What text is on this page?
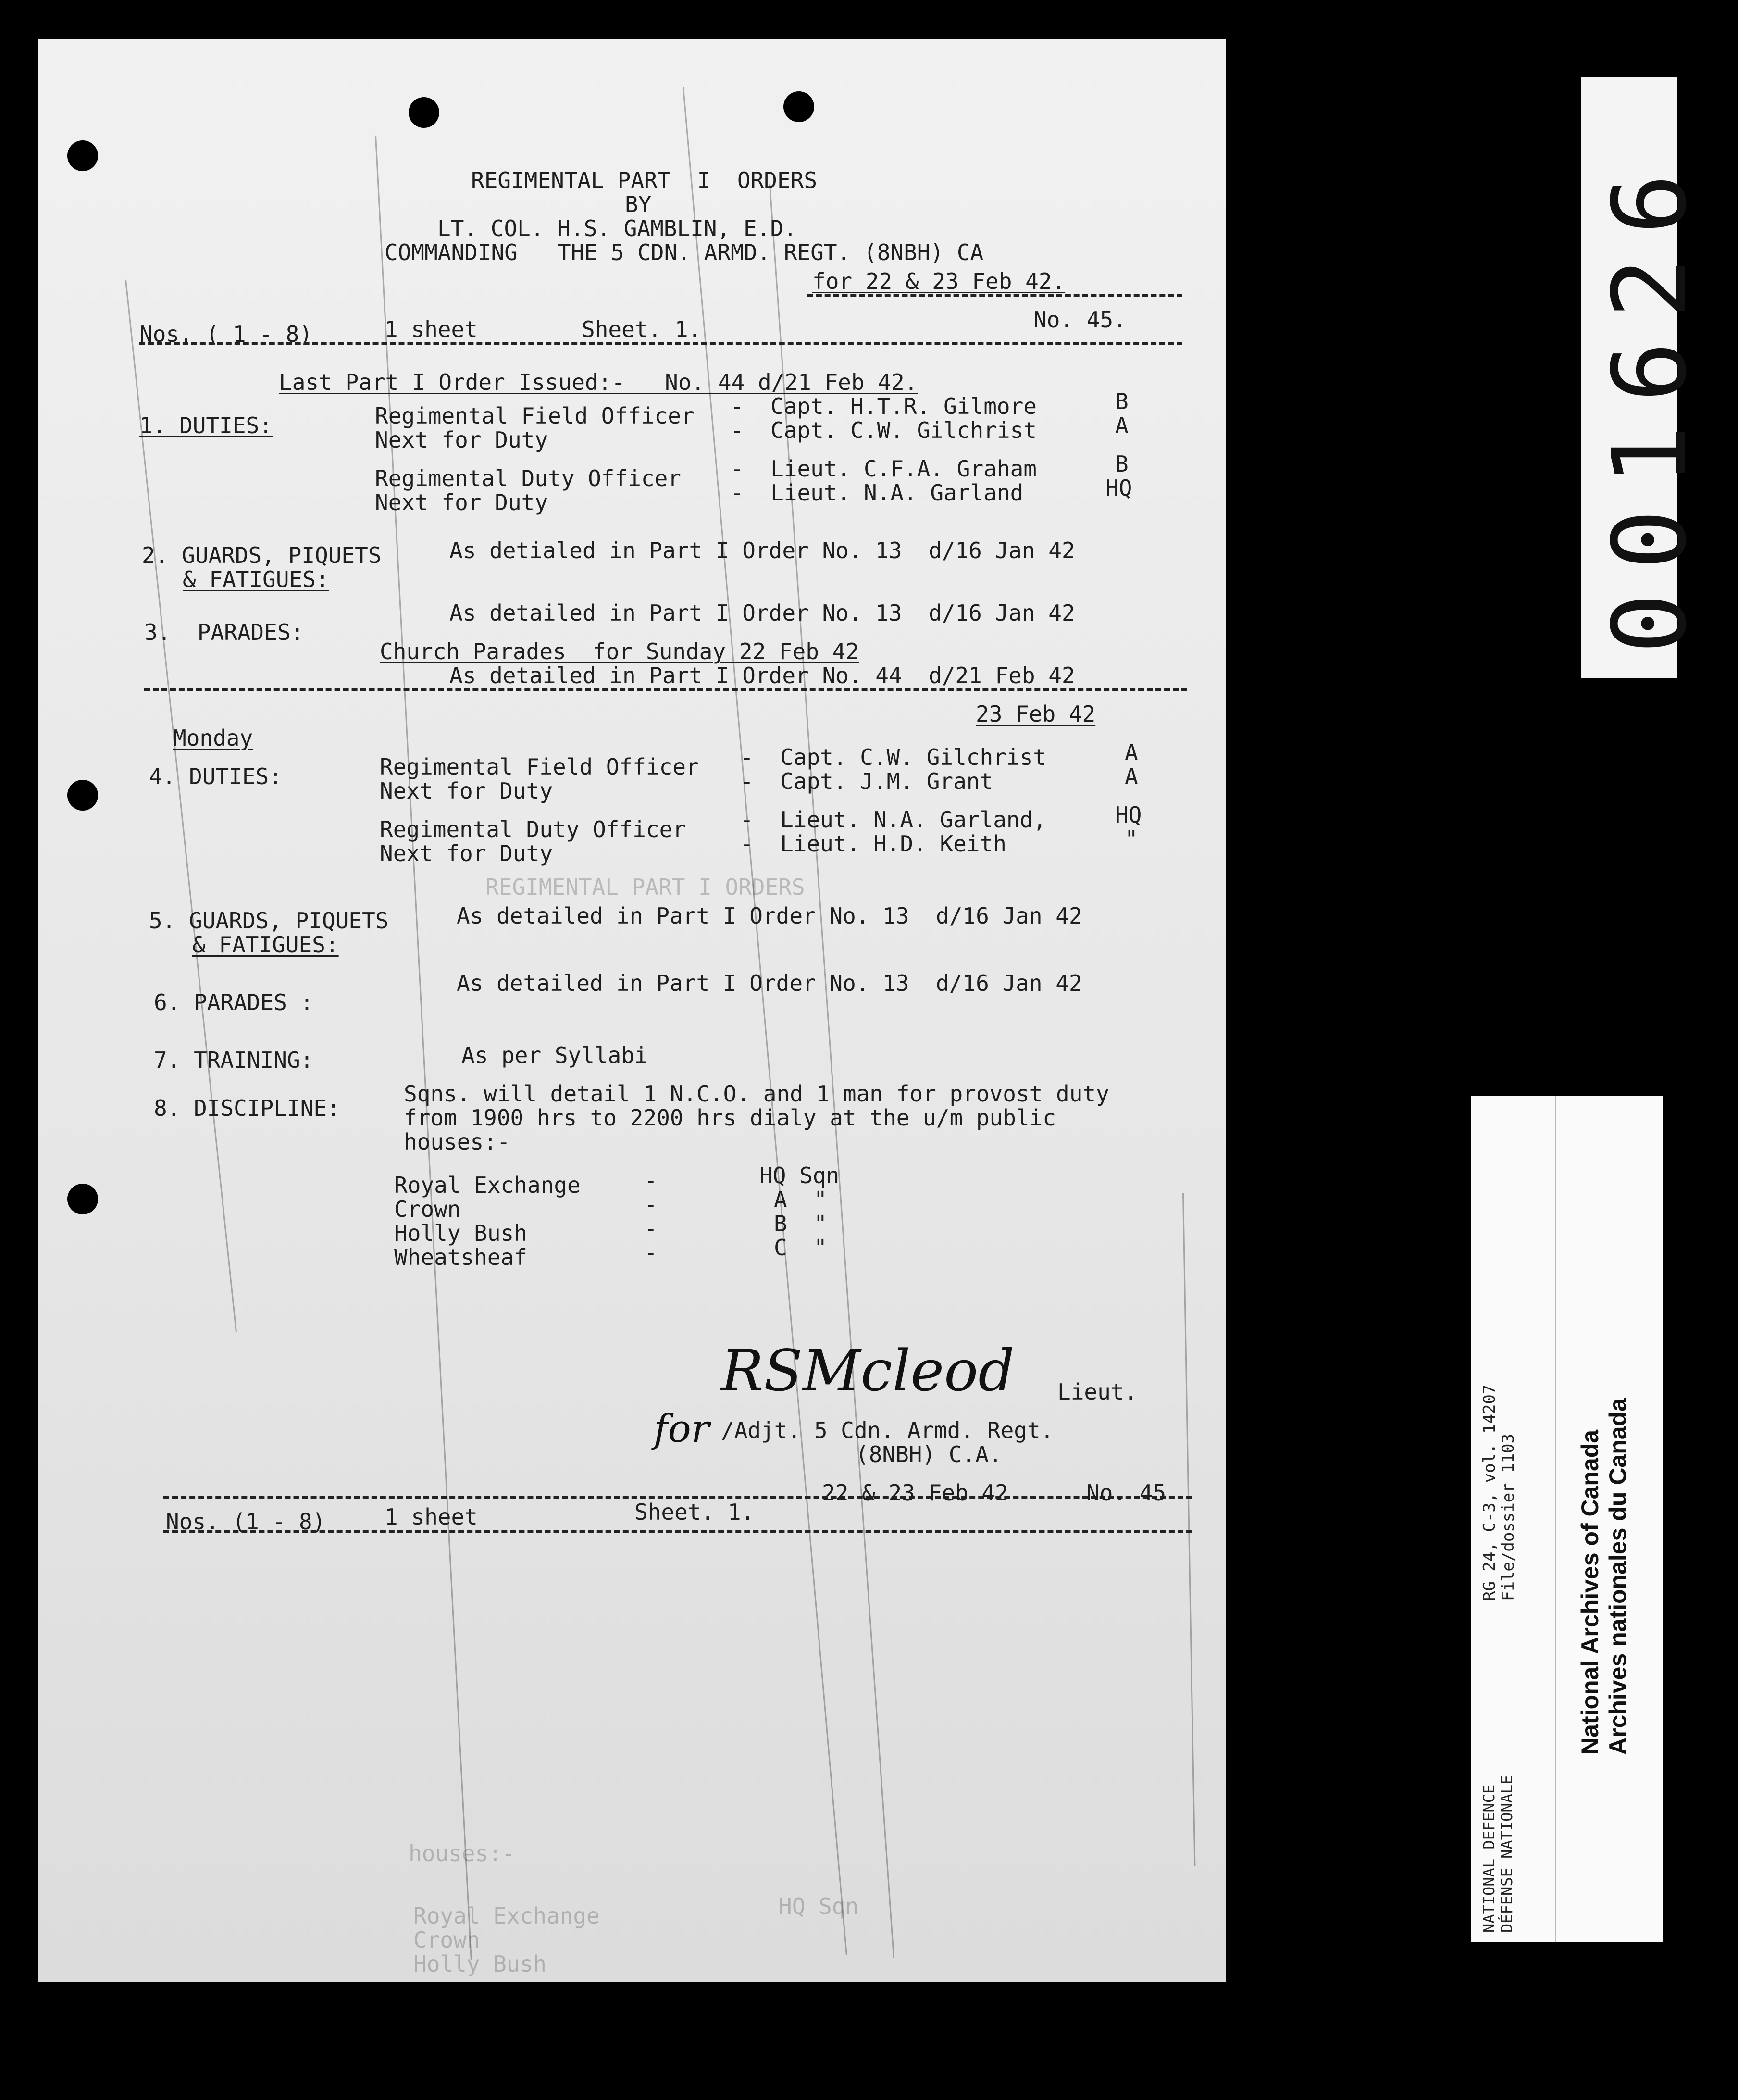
REGIMENTAL PART  I  ORDERS
BY
LT. COL. H.S. GAMBLIN, E.D.
COMMANDING   THE 5 CDN. ARMD. REGT. (8NBH) CA
for 22 & 23 Feb 42.
Nos. ( 1 - 8)	1 sheet	Sheet. 1.	No. 45.
Last Part I Order Issued:-   No. 44 d/21 Feb 42.
1. DUTIES:	Regimental Field Officer -  Capt. H.T.R. Gilmore	B
Next for Duty	-  Capt. C.W. Gilchrist	A
Regimental Duty Officer -  Lieut. C.F.A. Graham	B
Next for Duty	-  Lieut. N.A. Garland	HQ
2. GUARDS, PIQUETS
& FATIGUES:
As detialed in Part I Order No. 13  d/16 Jan 42
3.  PARADES:
As detailed in Part I Order No. 13  d/16 Jan 42
Church Parades  for Sunday 22 Feb 42
As detailed in Part I Order No. 44  d/21 Feb 42
23 Feb 42
Monday
4. DUTIES:	Regimental Field Officer -  Capt. C.W. Gilchrist	A
Next for Duty	-  Capt. J.M. Grant	A
Regimental Duty Officer -  Lieut. N.A. Garland,	HQ
Next for Duty	-  Lieut. H.D. Keith	"
REGIMENTAL PART I ORDERS
5. GUARDS, PIQUETS
& FATIGUES:
As detailed in Part I Order No. 13  d/16 Jan 42
6. PARADES :
As detailed in Part I Order No. 13  d/16 Jan 42
7. TRAINING:	As per Syllabi
8. DISCIPLINE:
Sqns. will detail 1 N.C.O. and 1 man for provost duty
from 1900 hrs to 2200 hrs dialy at the u/m public
houses:-
Royal Exchange	-	HQ Sqn
Crown	-	A  "
Holly Bush	-	B  "
Wheatsheaf	-	C  "
RSMcleod Lieut.
for /Adjt. 5 Cdn. Armd. Regt.
(8NBH) C.A.
Nos. (1 - 8)	1 sheet	Sheet. 1.
22 & 23 Feb 42	No. 45
houses:-
HQ Sqn
Royal Exchange
Crown
Holly Bush
001626
RG 24, C-3, vol. 14207 File/dossier 1103 National Archives of Canada Archives nationales du Canada
NATIONAL DEFENCE
DÉFENSE NATIONALE
